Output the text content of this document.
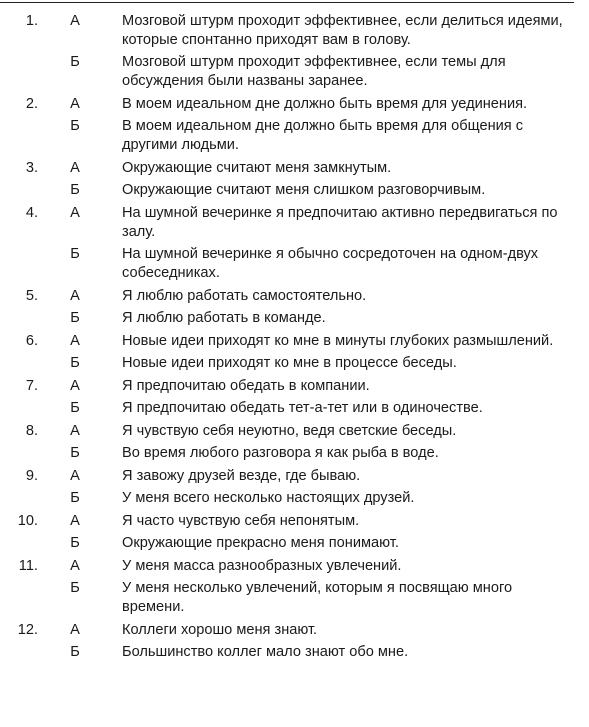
1.	А	Мозговой штурм проходит эффективнее, если делиться идеями, которые спонтанно приходят вам в голову.
	Б	Мозговой штурм проходит эффективнее, если темы для обсуждения были названы заранее.
2.	А	В моем идеальном дне должно быть время для уединения.
	Б	В моем идеальном дне должно быть время для общения с другими людьми.
3.	А	Окружающие считают меня замкнутым.
	Б	Окружающие считают меня слишком разговорчивым.
4.	А	На шумной вечеринке я предпочитаю активно передвигаться по залу.
	Б	На шумной вечеринке я обычно сосредоточен на одном-двух собеседниках.
5.	А	Я люблю работать самостоятельно.
	Б	Я люблю работать в команде.
6.	А	Новые идеи приходят ко мне в минуты глубоких размышлений.
	Б	Новые идеи приходят ко мне в процессе беседы.
7.	А	Я предпочитаю обедать в компании.
	Б	Я предпочитаю обедать тет-а-тет или в одиночестве.
8.	А	Я чувствую себя неуютно, ведя светские беседы.
	Б	Во время любого разговора я как рыба в воде.
9.	А	Я завожу друзей везде, где бываю.
	Б	У меня всего несколько настоящих друзей.
10.	А	Я часто чувствую себя непонятым.
	Б	Окружающие прекрасно меня понимают.
11.	А	У меня масса разнообразных увлечений.
	Б	У меня несколько увлечений, которым я посвящаю много времени.
12.	А	Коллеги хорошо меня знают.
	Б	Большинство коллег мало знают обо мне.
